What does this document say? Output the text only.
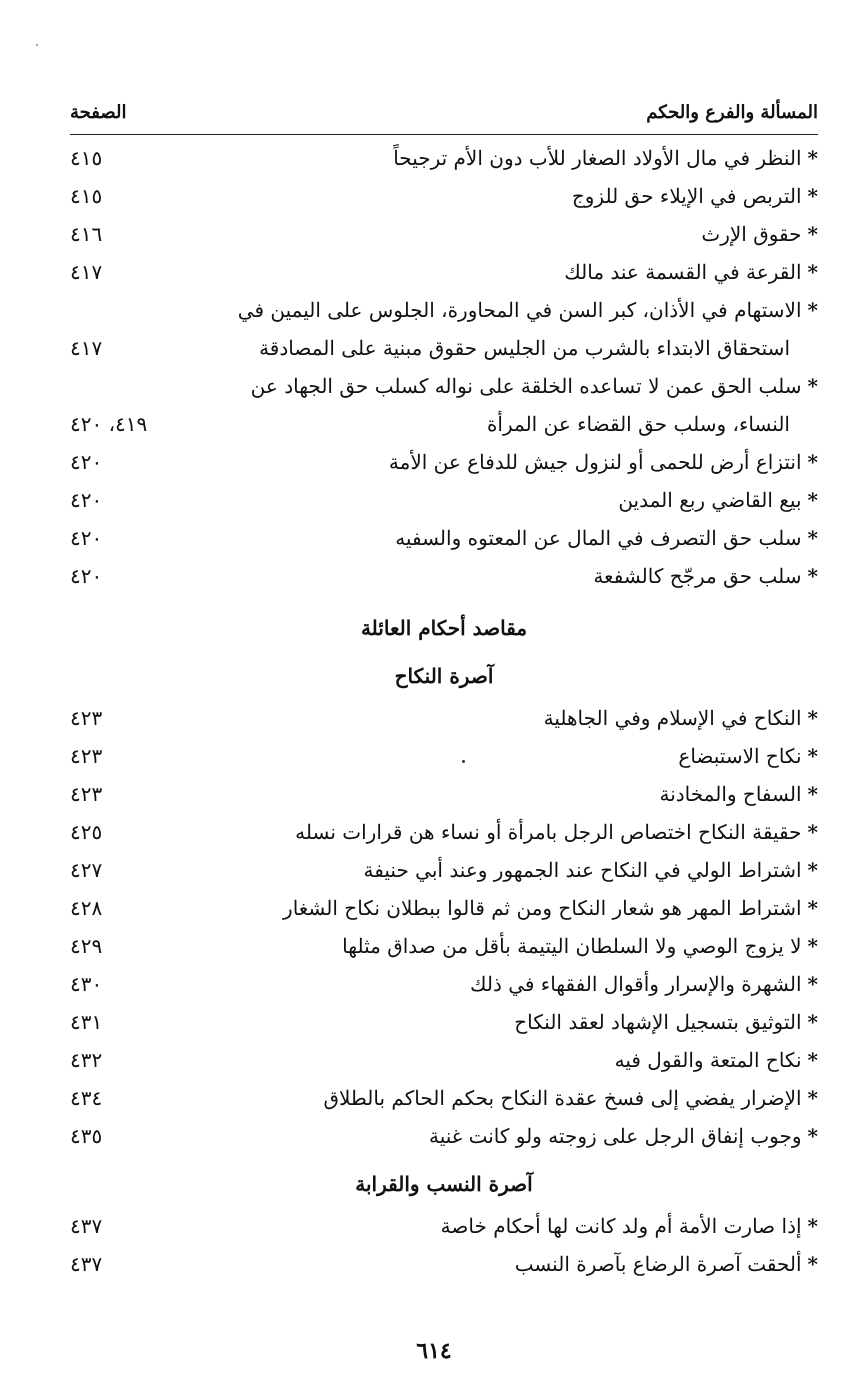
المسألة والفرع والحكم
الصفحة
*النظر في مال الأولاد الصغار للأب دون الأم ترجيحاً
٤١٥
*التربص في الإيلاء حق للزوج
٤١٥
*حقوق الإرث
٤١٦
*القرعة في القسمة عند مالك
٤١٧
*الاستهام في الأذان، كبر السن في المحاورة، الجلوس على اليمين في
استحقاق الابتداء بالشرب من الجليس حقوق مبنية على المصادقة
٤١٧
*سلب الحق عمن لا تساعده الخلقة على نواله كسلب حق الجهاد عن
النساء، وسلب حق القضاء عن المرأة
٤١٩، ٤٢٠
*انتزاع أرض للحمى أو لنزول جيش للدفاع عن الأمة
٤٢٠
*بيع القاضي ربع المدين
٤٢٠
*سلب حق التصرف في المال عن المعتوه والسفيه
٤٢٠
*سلب حق مرجّح كالشفعة
٤٢٠
مقاصد أحكام العائلة
آصرة النكاح
*النكاح في الإسلام وفي الجاهلية
٤٢٣
*نكاح الاستبضاع
٤٢٣
*السفاح والمخادنة
٤٢٣
*حقيقة النكاح اختصاص الرجل بامرأة أو نساء هن قرارات نسله
٤٢٥
*اشتراط الولي في النكاح عند الجمهور وعند أبي حنيفة
٤٢٧
*اشتراط المهر هو شعار النكاح ومن ثم قالوا ببطلان نكاح الشغار
٤٢٨
*لا يزوج الوصي ولا السلطان اليتيمة بأقل من صداق مثلها
٤٢٩
*الشهرة والإسرار وأقوال الفقهاء في ذلك
٤٣٠
*التوثيق بتسجيل الإشهاد لعقد النكاح
٤٣١
*نكاح المتعة والقول فيه
٤٣٢
*الإضرار يفضي إلى فسخ عقدة النكاح بحكم الحاكم بالطلاق
٤٣٤
*وجوب إنفاق الرجل على زوجته ولو كانت غنية
٤٣٥
آصرة النسب والقرابة
*إذا صارت الأمة أم ولد كانت لها أحكام خاصة
٤٣٧
*ألحقت آصرة الرضاع بآصرة النسب
٤٣٧
٦١٤
